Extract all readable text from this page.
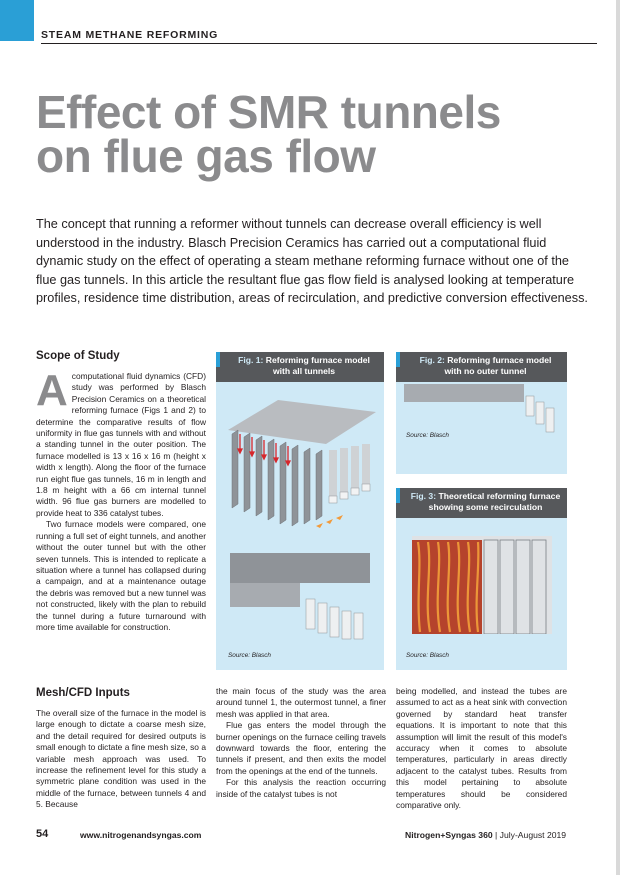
STEAM METHANE REFORMING
Effect of SMR tunnels
on flue gas flow

The concept that running a reformer without tunnels can decrease overall efficiency is well understood in the industry. Blasch Precision Ceramics has carried out a computational fluid dynamic study on the effect of operating a steam methane reforming furnace without one of the flue gas tunnels. In this article the resultant flue gas flow field is analysed looking at temperature profiles, residence time distribution, areas of recirculation, and predictive conversion effectiveness.

Scope of Study

Acomputational fluid dynamics (CFD) study was performed by Blasch Precision Ceramics on a theoretical reforming furnace (Figs 1 and 2) to determine the comparative results of flow uniformity in flue gas tunnels with and without a standing tunnel in the outer position. The furnace modelled is 13 x 16 x 16 m (height x width x length). Along the floor of the furnace run eight flue gas tunnels, 16 m in length and 1.8 m height with a 66 cm internal tunnel width. 96 flue gas burners are modelled to provide heat to 336 catalyst tubes.

Two furnace models were compared, one running a full set of eight tunnels, and another without the outer tunnel but with the other seven tunnels. This is intended to replicate a situation where a tunnel has collapsed during a campaign, and at a maintenance outage the debris was removed but a new tunnel was not constructed, likely with the plan to rebuild the tunnel during a future turnaround with more time available for construction.

Mesh/CFD Inputs

The overall size of the furnace in the model is large enough to dictate a coarse mesh size, and the detail required for desired outputs is small enough to dictate a fine mesh size, so a variable mesh approach was used. To increase the refinement level for this study a symmetric plane condition was used in the middle of the furnace, between tunnels 4 and 5. Because

Fig. 1: Reforming furnace model with all tunnels
Source: Blasch
Fig. 2: Reforming furnace model with no outer tunnel
Source: Blasch
Fig. 3: Theoretical reforming furnace showing some recirculation
Source: Blasch

the main focus of the study was the area around tunnel 1, the outermost tunnel, a finer mesh was applied in that area.

Flue gas enters the model through the burner openings on the furnace ceiling travels downward towards the floor, entering the tunnels if present, and then exits the model from the openings at the end of the tunnels.

For this analysis the reaction occurring inside of the catalyst tubes is not

being modelled, and instead the tubes are assumed to act as a heat sink with convection governed by standard heat transfer equations. It is important to note that this assumption will limit the result of this model's accuracy when it comes to absolute temperatures, particularly in areas directly adjacent to the catalyst tubes. Results from this model pertaining to absolute temperatures should be considered comparative only.

54	www.nitrogenandsyngas.com	Nitrogen+Syngas 360 | July-August 2019
